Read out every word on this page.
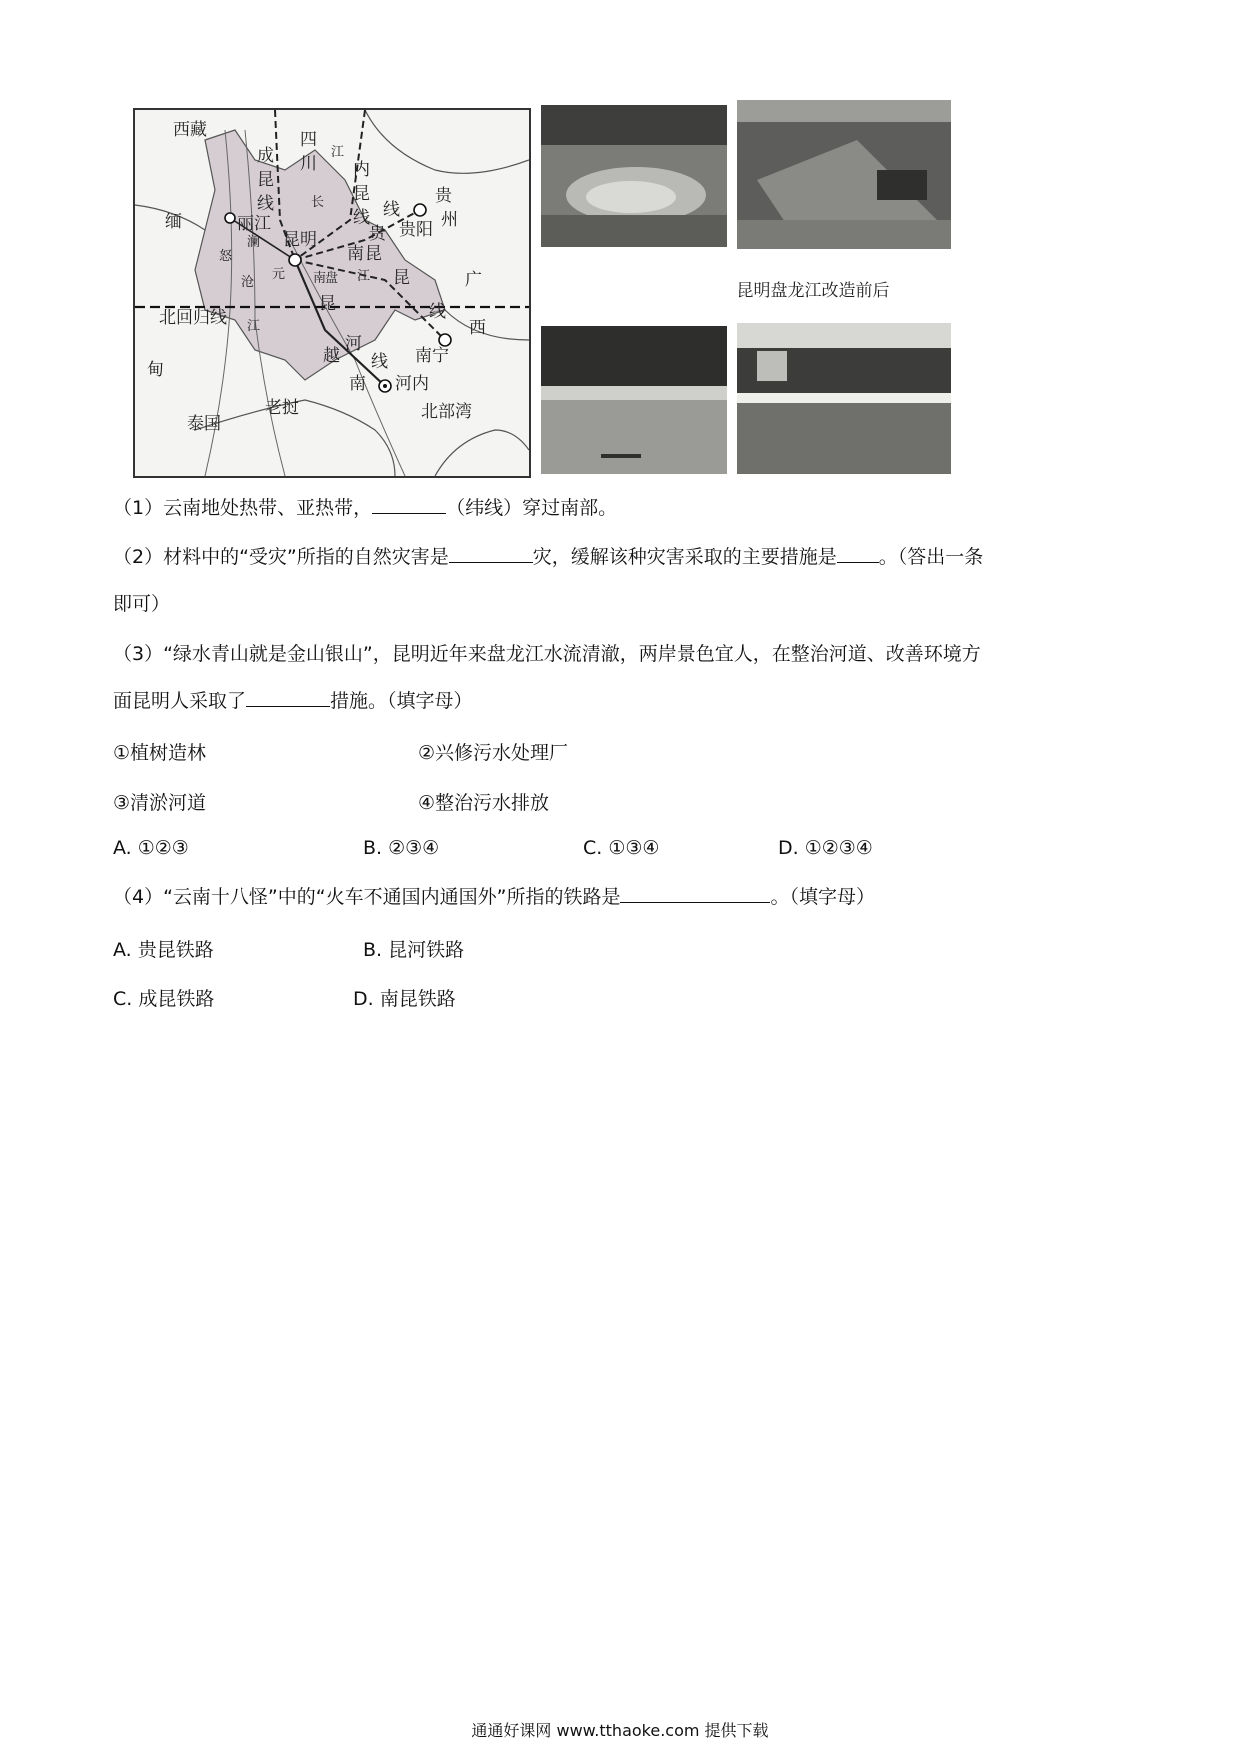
西藏	四
川
成
昆
线
江
内
昆
线
长	贵
州
线
贵阳
缅	丽江
昆明	贵
昆
南
澜
怒
元 南
盘 江 昆	广
沧
北回归线 江
昆	线
西
河
南宁
越 线
甸
南 河内
老挝	北部湾
泰国
昆明盘龙江改造前后
（1）云南地处热带、亚热带，	（纬线）穿过南部。
（2）材料中的“受灾”所指的自然灾害是	灾，缓解该种灾害采取的主要措施是 。（答出一条
即可）
（3）“绿水青山就是金山银山”，昆明近年来盘龙江水流清澈，两岸景色宜人，在整治河道、改善环境方
面昆明人采取了	措施。（填字母）
①植树造林	②兴修污水处理厂
③清淤河道	④整治污水排放
A. ①②③	B. ②③④	C. ①③④	D. ①②③④
（4）“云南十八怪”中的“火车不通国内通国外”所指的铁路是	。（填字母）
A. 贵昆铁路	B. 昆河铁路
C. 成昆铁路	D. 南昆铁路
通通好课网 www.tthaoke.com 提供下载
